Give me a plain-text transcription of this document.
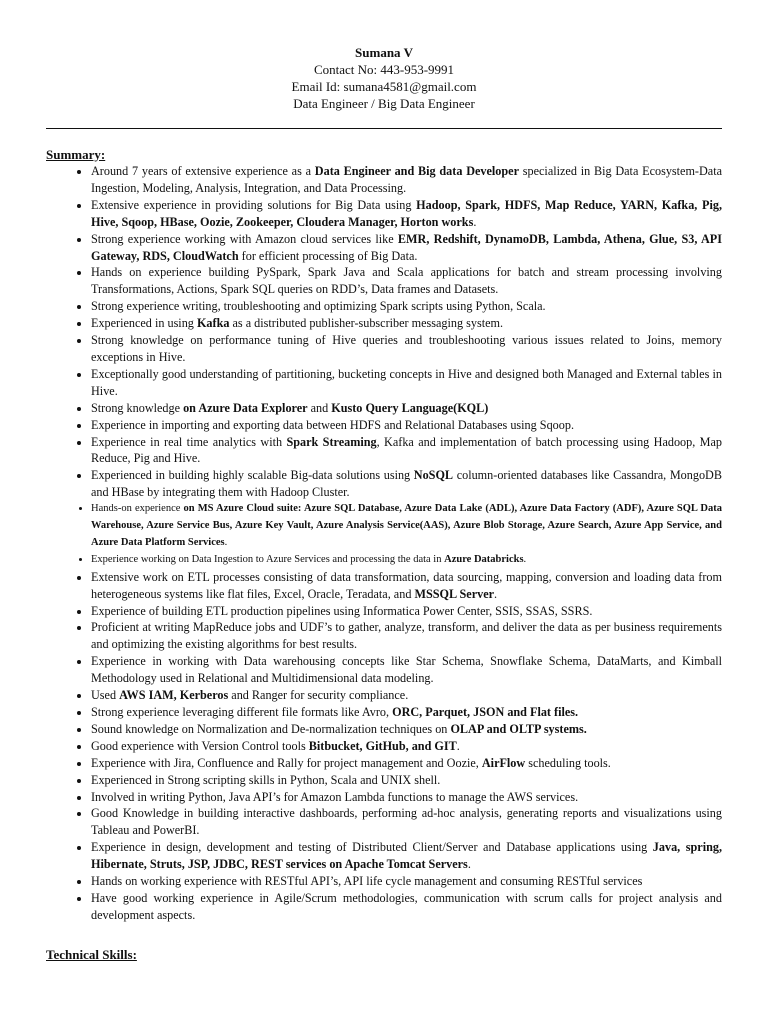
Sumana V
Contact No: 443-953-9991
Email Id: sumana4581@gmail.com
Data Engineer / Big Data Engineer
Summary:
• Around 7 years of extensive experience as a Data Engineer and Big data Developer specialized in Big Data Ecosystem-Data Ingestion, Modeling, Analysis, Integration, and Data Processing.
• Extensive experience in providing solutions for Big Data using Hadoop, Spark, HDFS, Map Reduce, YARN, Kafka, Pig, Hive, Sqoop, HBase, Oozie, Zookeeper, Cloudera Manager, Horton works.
• Strong experience working with Amazon cloud services like EMR, Redshift, DynamoDB, Lambda, Athena, Glue, S3, API Gateway, RDS, CloudWatch for efficient processing of Big Data.
• Hands on experience building PySpark, Spark Java and Scala applications for batch and stream processing involving Transformations, Actions, Spark SQL queries on RDD’s, Data frames and Datasets.
• Strong experience writing, troubleshooting and optimizing Spark scripts using Python, Scala.
• Experienced in using Kafka as a distributed publisher-subscriber messaging system.
• Strong knowledge on performance tuning of Hive queries and troubleshooting various issues related to Joins, memory exceptions in Hive.
• Exceptionally good understanding of partitioning, bucketing concepts in Hive and designed both Managed and External tables in Hive.
• Strong knowledge on Azure Data Explorer and Kusto Query Language(KQL)
• Experience in importing and exporting data between HDFS and Relational Databases using Sqoop.
• Experience in real time analytics with Spark Streaming, Kafka and implementation of batch processing using Hadoop, Map Reduce, Pig and Hive.
• Experienced in building highly scalable Big-data solutions using NoSQL column-oriented databases like Cassandra, MongoDB and HBase by integrating them with Hadoop Cluster.
• Hands-on experience on MS Azure Cloud suite: Azure SQL Database, Azure Data Lake (ADL), Azure Data Factory (ADF), Azure SQL Data Warehouse, Azure Service Bus, Azure Key Vault, Azure Analysis Service(AAS), Azure Blob Storage, Azure Search, Azure App Service, and Azure Data Platform Services.
• Experience working on Data Ingestion to Azure Services and processing the data in Azure Databricks.
• Extensive work on ETL processes consisting of data transformation, data sourcing, mapping, conversion and loading data from heterogeneous systems like flat files, Excel, Oracle, Teradata, and MSSQL Server.
• Experience of building ETL production pipelines using Informatica Power Center, SSIS, SSAS, SSRS.
• Proficient at writing MapReduce jobs and UDF’s to gather, analyze, transform, and deliver the data as per business requirements and optimizing the existing algorithms for best results.
• Experience in working with Data warehousing concepts like Star Schema, Snowflake Schema, DataMarts, and Kimball Methodology used in Relational and Multidimensional data modeling.
• Used AWS IAM, Kerberos and Ranger for security compliance.
• Strong experience leveraging different file formats like Avro, ORC, Parquet, JSON and Flat files.
• Sound knowledge on Normalization and De-normalization techniques on OLAP and OLTP systems.
• Good experience with Version Control tools Bitbucket, GitHub, and GIT.
• Experience with Jira, Confluence and Rally for project management and Oozie, AirFlow scheduling tools.
• Experienced in Strong scripting skills in Python, Scala and UNIX shell.
• Involved in writing Python, Java API’s for Amazon Lambda functions to manage the AWS services.
• Good Knowledge in building interactive dashboards, performing ad-hoc analysis, generating reports and visualizations using Tableau and PowerBI.
• Experience in design, development and testing of Distributed Client/Server and Database applications using Java, spring, Hibernate, Struts, JSP, JDBC, REST services on Apache Tomcat Servers.
• Hands on working experience with RESTful API’s, API life cycle management and consuming RESTful services
• Have good working experience in Agile/Scrum methodologies, communication with scrum calls for project analysis and development aspects.
Technical Skills:
